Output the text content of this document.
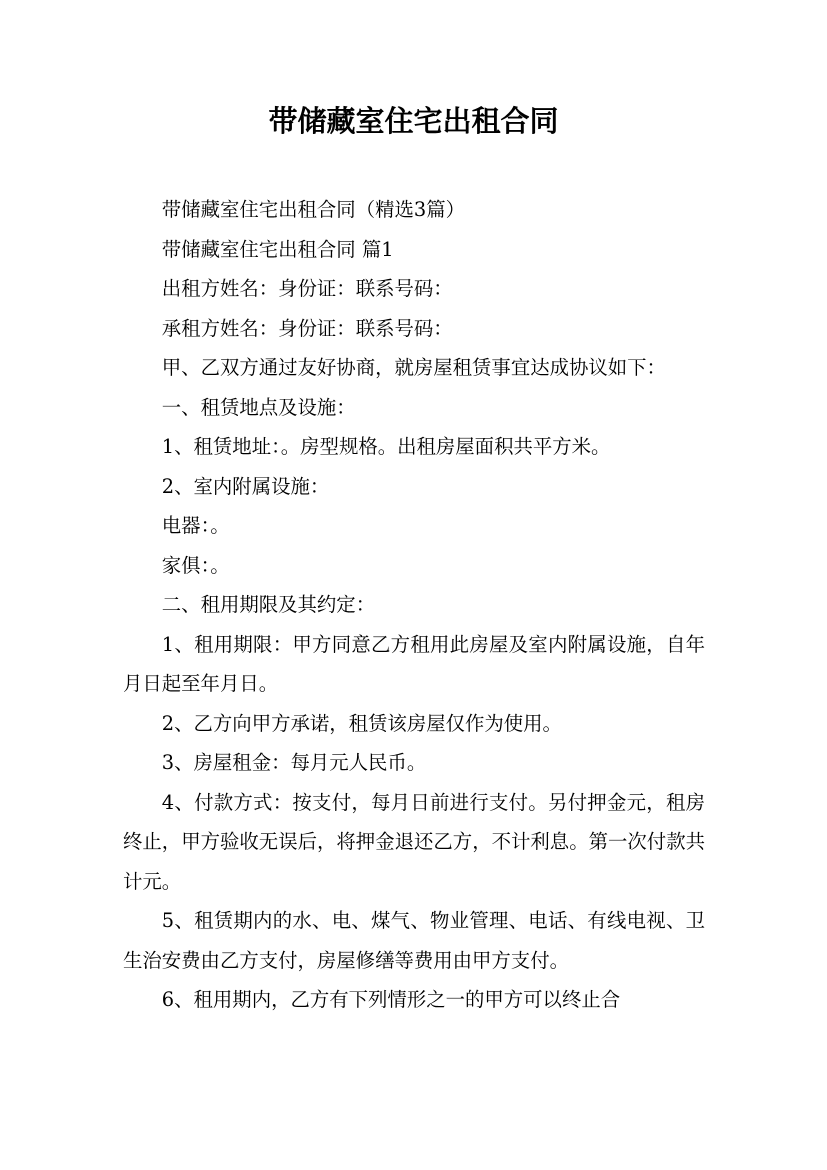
带储藏室住宅出租合同

带储藏室住宅出租合同（精选3篇）

带储藏室住宅出租合同 篇1

出租方姓名：身份证：联系号码：

承租方姓名：身份证：联系号码：

甲、乙双方通过友好协商，就房屋租赁事宜达成协议如下：

一、租赁地点及设施：

1、租赁地址：。房型规格。出租房屋面积共平方米。

2、室内附属设施：

电器：。

家俱：。

二、租用期限及其约定：

1、租用期限：甲方同意乙方租用此房屋及室内附属设施，自年月日起至年月日。

2、乙方向甲方承诺，租赁该房屋仅作为使用。

3、房屋租金：每月元人民币。

4、付款方式：按支付，每月日前进行支付。另付押金元，租房终止，甲方验收无误后，将押金退还乙方，不计利息。第一次付款共计元。

5、租赁期内的水、电、煤气、物业管理、电话、有线电视、卫生治安费由乙方支付，房屋修缮等费用由甲方支付。

6、租用期内，乙方有下列情形之一的甲方可以终止合
